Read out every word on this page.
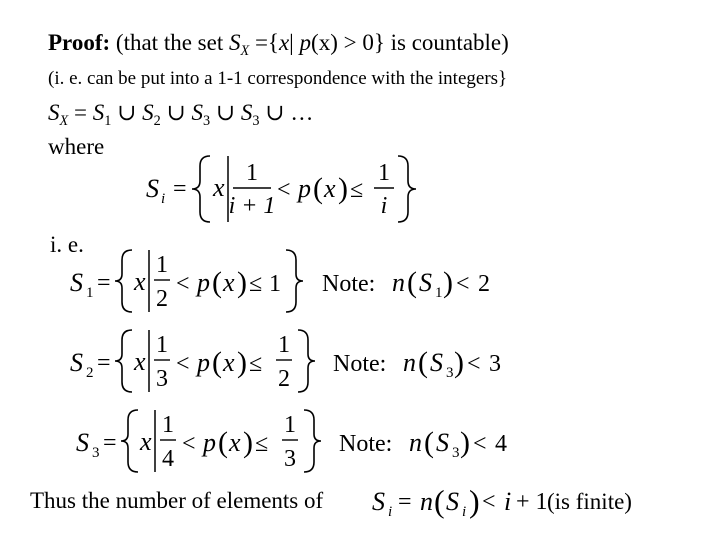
Proof: (that the set $S_X =\{x|$ p(x) > 0} is countable)
(i. e. can be put into a 1-1 correspondence with the integers}
$S_X = S_1$ ∪ $S_2$ ∪ $S_3$ ∪ $S_3$ ∪ …
where
S i = x 1
i + 1
< p ( x ) ≤
1
i
i. e.
S 1 = x
1
2
< p ( x ) ≤ 1 Note: n ( S 1 ) < 2
S 2 = x
1
3
< p ( x ) ≤
1
2
Note: n ( S 3 ) < 3
S 3 = x
1
4
< p ( x ) ≤
1
3
Note: n ( S 3 ) < 4
Thus the number of elements of S i = n ( S i ) < i + 1 (is finite)
